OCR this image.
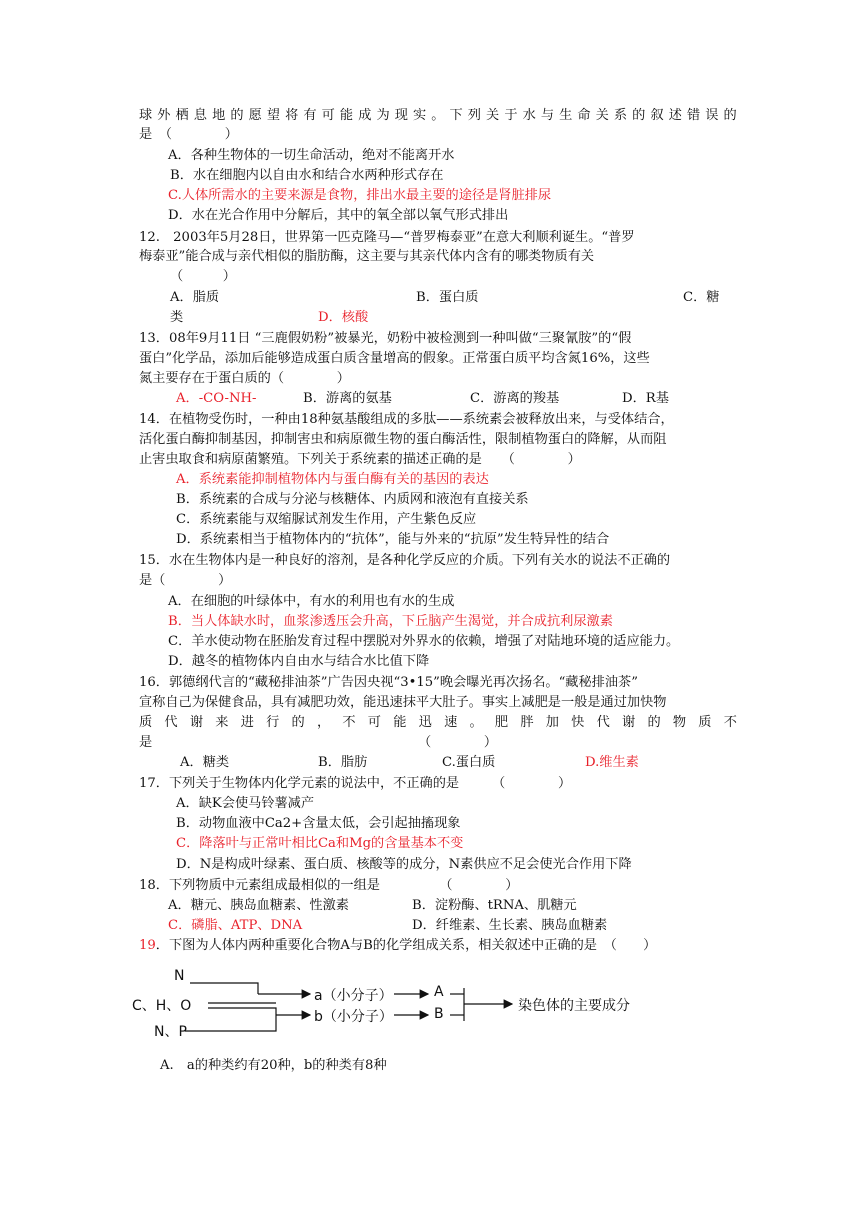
球 外 栖 息 地 的 愿 望 将 有 可 能 成 为 现 实 。 下 列 关 于 水 与 生 命 关 系 的 叙 述 错 误 的
是　（　　　　）
A．各种生物体的一切生命活动，绝对不能离开水
B．水在细胞内以自由水和结合水两种形式存在
C.人体所需水的主要来源是食物，排出水最主要的途径是肾脏排尿
D．水在光合作用中分解后，其中的氧全部以氧气形式排出
12.　2003年5月28日，世界第一匹克隆马—“普罗梅泰亚”在意大利顺利诞生。“普罗
梅泰亚”能合成与亲代相似的脂肪酶，这主要与其亲代体内含有的哪类物质有关
（　　　）
A．脂质	B．蛋白质	C．糖
类	D．核酸
13．08年9月11日 “三鹿假奶粉”被暴光，奶粉中被检测到一种叫做“三聚氰胺”的“假
蛋白”化学品，添加后能够造成蛋白质含量增高的假象。正常蛋白质平均含氮16%，这些
氮主要存在于蛋白质的（　　　　）
A．-CO-NH-	B．游离的氨基	C．游离的羧基	D．R基
14．在植物受伤时，一种由18种氨基酸组成的多肽——系统素会被释放出来，与受体结合，
活化蛋白酶抑制基因，抑制害虫和病原微生物的蛋白酶活性，限制植物蛋白的降解，从而阻
止害虫取食和病原菌繁殖。下列关于系统素的描述正确的是　　（　　　　）
A．系统素能抑制植物体内与蛋白酶有关的基因的表达
B．系统素的合成与分泌与核糖体、内质网和液泡有直接关系
C．系统素能与双缩脲试剂发生作用，产生紫色反应
D．系统素相当于植物体内的“抗体”，能与外来的“抗原”发生特异性的结合
15．水在生物体内是一种良好的溶剂，是各种化学反应的介质。下列有关水的说法不正确的
是（　　　　）
A．在细胞的叶绿体中，有水的利用也有水的生成
B．当人体缺水时，血浆渗透压会升高，下丘脑产生渴觉，并合成抗利尿激素
C．羊水使动物在胚胎发育过程中摆脱对外界水的依赖，增强了对陆地环境的适应能力。
D．越冬的植物体内自由水与结合水比值下降
16．郭德纲代言的“藏秘排油茶”广告因央视“3•15”晚会曝光再次扬名。“藏秘排油茶”
宣称自己为保健食品，具有减肥功效，能迅速抹平大肚子。事实上减肥是一般是通过加快物
质 代 谢 来 进 行 的 ， 不 可 能 迅 速 。 肥 胖 加 快 代 谢 的 物 质 不
是	（　　　　）
A．糖类	B．脂肪	C.蛋白质	D.维生素
17．下列关于生物体内化学元素的说法中，不正确的是　　　（　　　　）
A．缺K会使马铃薯减产
B．动物血液中Ca2+含量太低，会引起抽搐现象
C．降落叶与正常叶相比Ca和Mg的含量基本不变
D．N是构成叶绿素、蛋白质、核酸等的成分，N素供应不足会使光合作用下降
18．下列物质中元素组成最相似的一组是　　　　　（　　　　）
A．糖元、胰岛血糖素、性激素	B．淀粉酶、tRNA、肌糖元
C．磷脂、ATP、DNA	D．纤维素、生长素、胰岛血糖素
19．下图为人体内两种重要化合物A与B的化学组成关系，相关叙述中正确的是　（　　）
N
C、H、O
N、P
a（小分子）
b（小分子）
A
B	染色体的主要成分
A.　a的种类约有20种，b的种类有8种
